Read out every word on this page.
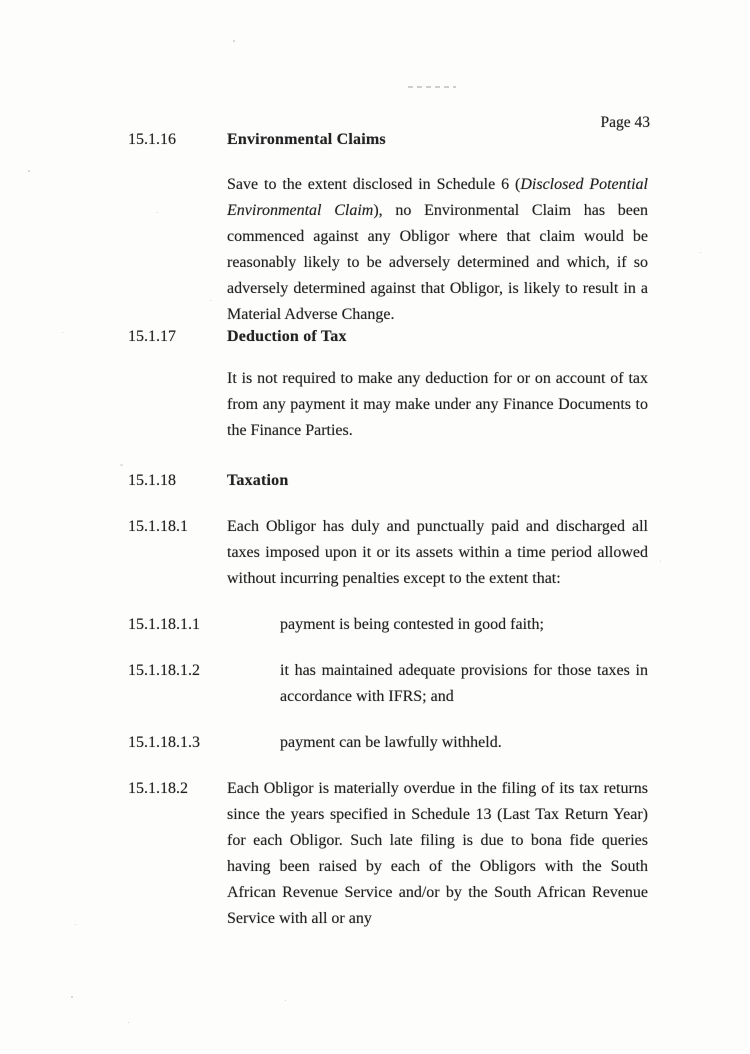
Page 43
15.1.16	Environmental Claims
Save to the extent disclosed in Schedule 6 (Disclosed Potential Environmental Claim), no Environmental Claim has been commenced against any Obligor where that claim would be reasonably likely to be adversely determined and which, if so adversely determined against that Obligor, is likely to result in a Material Adverse Change.
15.1.17	Deduction of Tax
It is not required to make any deduction for or on account of tax from any payment it may make under any Finance Documents to the Finance Parties.
15.1.18	Taxation
15.1.18.1	Each Obligor has duly and punctually paid and discharged all taxes imposed upon it or its assets within a time period allowed without incurring penalties except to the extent that:
15.1.18.1.1	payment is being contested in good faith;
15.1.18.1.2	it has maintained adequate provisions for those taxes in accordance with IFRS; and
15.1.18.1.3	payment can be lawfully withheld.
15.1.18.2	Each Obligor is materially overdue in the filing of its tax returns since the years specified in Schedule 13 (Last Tax Return Year) for each Obligor. Such late filing is due to bona fide queries having been raised by each of the Obligors with the South African Revenue Service and/or by the South African Revenue Service with all or any
